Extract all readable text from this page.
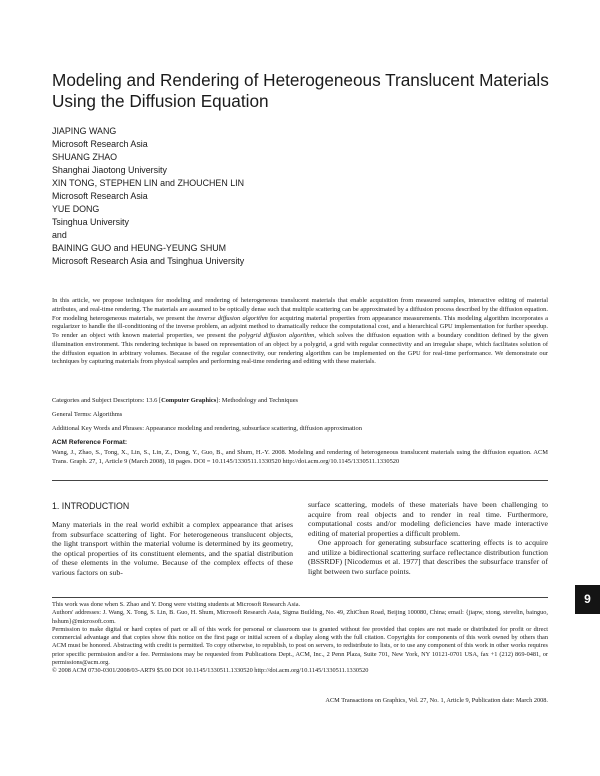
Modeling and Rendering of Heterogeneous Translucent Materials Using the Diffusion Equation
JIAPING WANG
Microsoft Research Asia
SHUANG ZHAO
Shanghai Jiaotong University
XIN TONG, STEPHEN LIN and ZHOUCHEN LIN
Microsoft Research Asia
YUE DONG
Tsinghua University
and
BAINING GUO and HEUNG-YEUNG SHUM
Microsoft Research Asia and Tsinghua University
In this article, we propose techniques for modeling and rendering of heterogeneous translucent materials that enable acquisition from measured samples, interactive editing of material attributes, and real-time rendering. The materials are assumed to be optically dense such that multiple scattering can be approximated by a diffusion process described by the diffusion equation. For modeling heterogeneous materials, we present the inverse diffusion algorithm for acquiring material properties from appearance measurements. This modeling algorithm incorporates a regularizer to handle the ill-conditioning of the inverse problem, an adjoint method to dramatically reduce the computational cost, and a hierarchical GPU implementation for further speedup. To render an object with known material properties, we present the polygrid diffusion algorithm, which solves the diffusion equation with a boundary condition defined by the given illumination environment. This rendering technique is based on representation of an object by a polygrid, a grid with regular connectivity and an irregular shape, which facilitates solution of the diffusion equation in arbitrary volumes. Because of the regular connectivity, our rendering algorithm can be implemented on the GPU for real-time performance. We demonstrate our techniques by capturing materials from physical samples and performing real-time rendering and editing with these materials.
Categories and Subject Descriptors: 13.6 [Computer Graphics]: Methodology and Techniques
General Terms: Algorithms
Additional Key Words and Phrases: Appearance modeling and rendering, subsurface scattering, diffusion approximation
ACM Reference Format:
Wang, J., Zhao, S., Tong, X., Lin, S., Lin, Z., Dong, Y., Guo, B., and Shum, H.-Y. 2008. Modeling and rendering of heterogeneous translucent materials using the diffusion equation. ACM Trans. Graph. 27, 1, Article 9 (March 2008), 18 pages. DOI = 10.1145/1330511.1330520 http://doi.acm.org/10.1145/1330511.1330520
1. INTRODUCTION
Many materials in the real world exhibit a complex appearance that arises from subsurface scattering of light. For heterogeneous translucent objects, the light transport within the material volume is determined by its geometry, the optical properties of its constituent elements, and the spatial distribution of these elements in the volume. Because of the complex effects of these various factors on sub-
surface scattering, models of these materials have been challenging to acquire from real objects and to render in real time. Furthermore, computational costs and/or modeling deficiencies have made interactive editing of material properties a difficult problem.
One approach for generating subsurface scattering effects is to acquire and utilize a bidirectional scattering surface reflectance distribution function (BSSRDF) [Nicodemus et al. 1977] that describes the subsurface transfer of light between two surface points.
This work was done when S. Zhao and Y. Dong were visiting students at Microsoft Research Asia.
Authors' addresses: J. Wang, X. Tong, S. Lin, B. Guo, H. Shum, Microsoft Research Asia, Sigma Building, No. 49, ZhiChun Road, Beijing 100080, China; email: {jiapw, xtong, stevelin, bainguo, hshum}@microsoft.com.
Permission to make digital or hard copies of part or all of this work for personal or classroom use is granted without fee provided that copies are not made or distributed for profit or direct commercial advantage and that copies show this notice on the first page or initial screen of a display along with the full citation. Copyrights for components of this work owned by others than ACM must be honored. Abstracting with credit is permitted. To copy otherwise, to republish, to post on servers, to redistribute to lists, or to use any component of this work in other works requires prior specific permission and/or a fee. Permissions may be requested from Publications Dept., ACM, Inc., 2 Penn Plaza, Suite 701, New York, NY 10121-0701 USA, fax +1 (212) 869-0481, or permissions@acm.org.
© 2008 ACM 0730-0301/2008/03-ART9 $5.00 DOI 10.1145/1330511.1330520 http://doi.acm.org/10.1145/1330511.1330520
ACM Transactions on Graphics, Vol. 27, No. 1, Article 9, Publication date: March 2008.
9
